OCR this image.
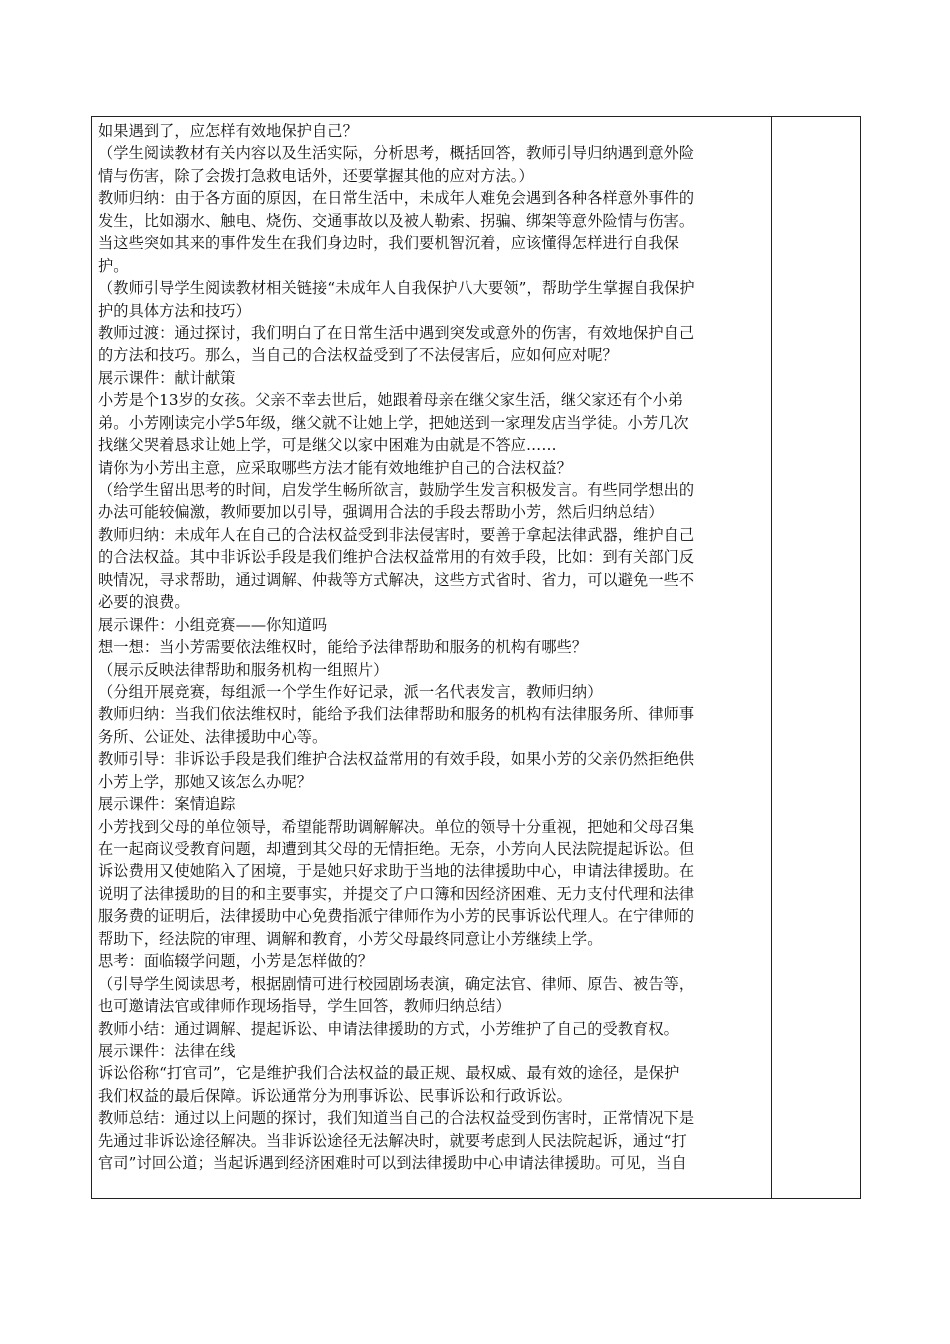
如果遇到了，应怎样有效地保护自己？
（学生阅读教材有关内容以及生活实际，分析思考，概括回答，教师引导归纳遇到意外险
情与伤害，除了会拨打急救电话外，还要掌握其他的应对方法。）
教师归纳：由于各方面的原因，在日常生活中，未成年人难免会遇到各种各样意外事件的
发生，比如溺水、触电、烧伤、交通事故以及被人勒索、拐骗、绑架等意外险情与伤害。
当这些突如其来的事件发生在我们身边时，我们要机智沉着，应该懂得怎样进行自我保
护。
（教师引导学生阅读教材相关链接“未成年人自我保护八大要领”，帮助学生掌握自我保护
护的具体方法和技巧）
教师过渡：通过探讨，我们明白了在日常生活中遇到突发或意外的伤害，有效地保护自己
的方法和技巧。那么，当自己的合法权益受到了不法侵害后，应如何应对呢？
展示课件：献计献策
小芳是个13岁的女孩。父亲不幸去世后，她跟着母亲在继父家生活，继父家还有个小弟
弟。小芳刚读完小学5年级，继父就不让她上学，把她送到一家理发店当学徒。小芳几次
找继父哭着恳求让她上学，可是继父以家中困难为由就是不答应……
请你为小芳出主意，应采取哪些方法才能有效地维护自己的合法权益？
（给学生留出思考的时间，启发学生畅所欲言，鼓励学生发言积极发言。有些同学想出的
办法可能较偏激，教师要加以引导，强调用合法的手段去帮助小芳，然后归纳总结）
教师归纳：未成年人在自己的合法权益受到非法侵害时，要善于拿起法律武器，维护自己
的合法权益。其中非诉讼手段是我们维护合法权益常用的有效手段，比如：到有关部门反
映情况，寻求帮助，通过调解、仲裁等方式解决，这些方式省时、省力，可以避免一些不
必要的浪费。
展示课件：小组竞赛——你知道吗
想一想：当小芳需要依法维权时，能给予法律帮助和服务的机构有哪些？
（展示反映法律帮助和服务机构一组照片）
（分组开展竞赛，每组派一个学生作好记录，派一名代表发言，教师归纳）
教师归纳：当我们依法维权时，能给予我们法律帮助和服务的机构有法律服务所、律师事
务所、公证处、法律援助中心等。
教师引导：非诉讼手段是我们维护合法权益常用的有效手段，如果小芳的父亲仍然拒绝供
小芳上学，那她又该怎么办呢？
展示课件：案情追踪
小芳找到父母的单位领导，希望能帮助调解解决。单位的领导十分重视，把她和父母召集
在一起商议受教育问题，却遭到其父母的无情拒绝。无奈，小芳向人民法院提起诉讼。但
诉讼费用又使她陷入了困境，于是她只好求助于当地的法律援助中心，申请法律援助。在
说明了法律援助的目的和主要事实，并提交了户口簿和因经济困难、无力支付代理和法律
服务费的证明后，法律援助中心免费指派宁律师作为小芳的民事诉讼代理人。在宁律师的
帮助下，经法院的审理、调解和教育，小芳父母最终同意让小芳继续上学。
思考：面临辍学问题，小芳是怎样做的？
（引导学生阅读思考，根据剧情可进行校园剧场表演，确定法官、律师、原告、被告等，
也可邀请法官或律师作现场指导，学生回答，教师归纳总结）
教师小结：通过调解、提起诉讼、申请法律援助的方式，小芳维护了自己的受教育权。
展示课件：法律在线
诉讼俗称“打官司”，它是维护我们合法权益的最正规、最权威、最有效的途径，是保护
我们权益的最后保障。诉讼通常分为刑事诉讼、民事诉讼和行政诉讼。
教师总结：通过以上问题的探讨，我们知道当自己的合法权益受到伤害时，正常情况下是
先通过非诉讼途径解决。当非诉讼途径无法解决时，就要考虑到人民法院起诉，通过“打
官司”讨回公道；当起诉遇到经济困难时可以到法律援助中心申请法律援助。可见，当自
